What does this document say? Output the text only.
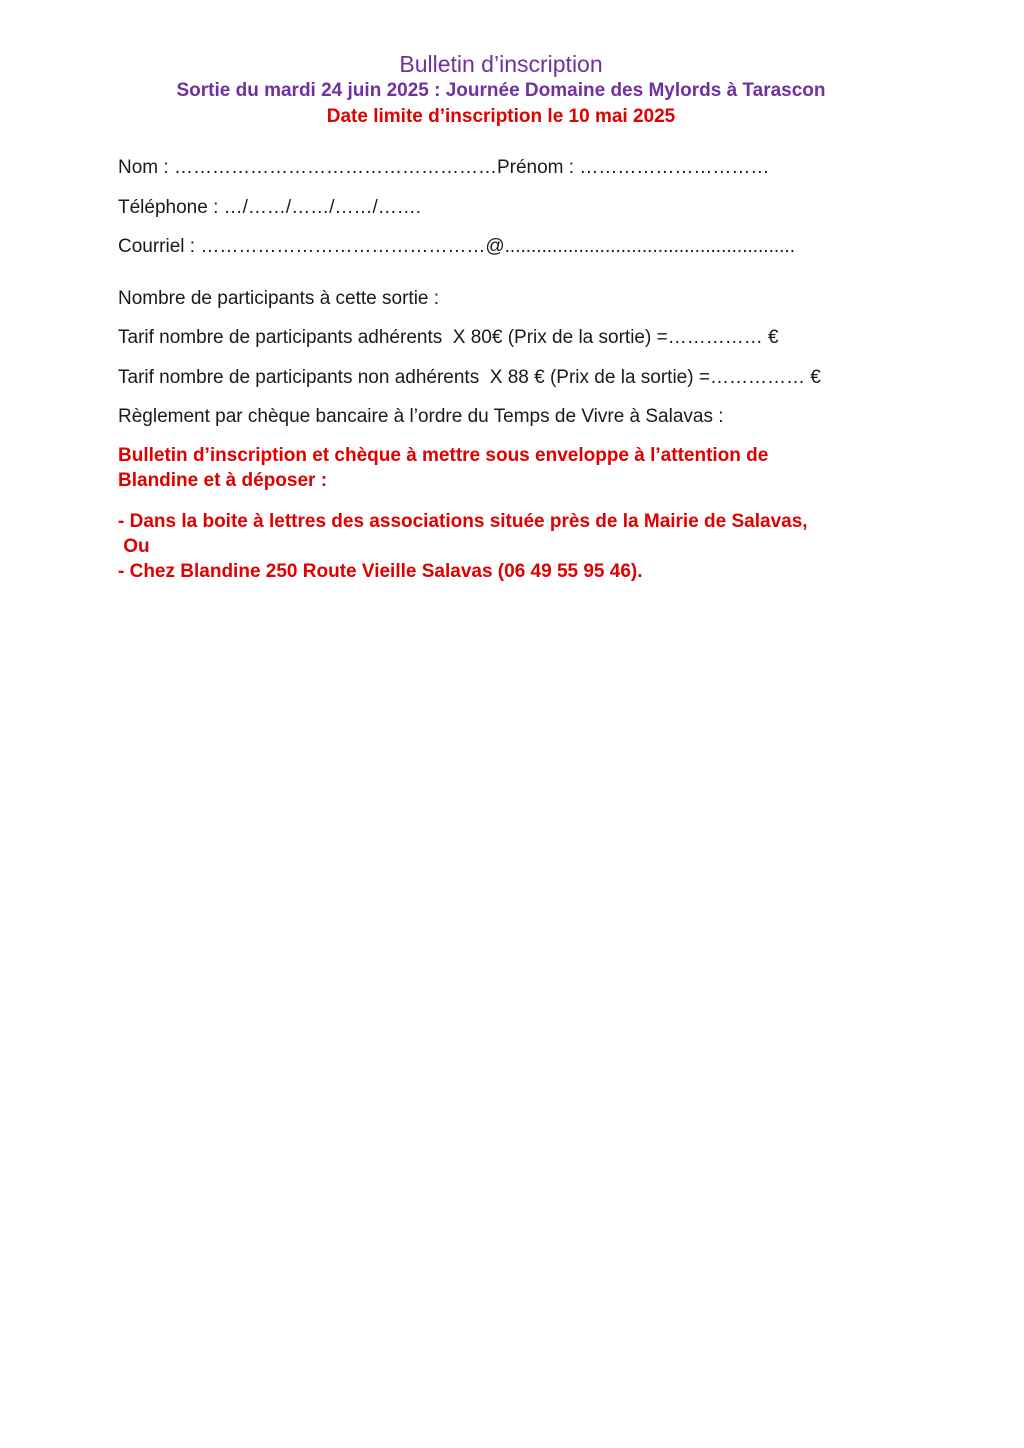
Bulletin d’inscription

Sortie du mardi 24 juin 2025 : Journée Domaine des Mylords à Tarascon

Date limite d’inscription le 10 mai 2025

Nom : ……………………………………………Prénom : …………………………

Téléphone : …/……/……/……/…….

Courriel : ………………………………………@.......................................................

Nombre de participants à cette sortie :

Tarif nombre de participants adhérents  X 80€ (Prix de la sortie) =…………… €

Tarif nombre de participants non adhérents  X 88 € (Prix de la sortie) =…………… €

Règlement par chèque bancaire à l’ordre du Temps de Vivre à Salavas :

Bulletin d’inscription et chèque à mettre sous enveloppe à l’attention de
Blandine et à déposer :
- Dans la boite à lettres des associations située près de la Mairie de Salavas,
Ou
- Chez Blandine 250 Route Vieille Salavas (06 49 55 95 46).
